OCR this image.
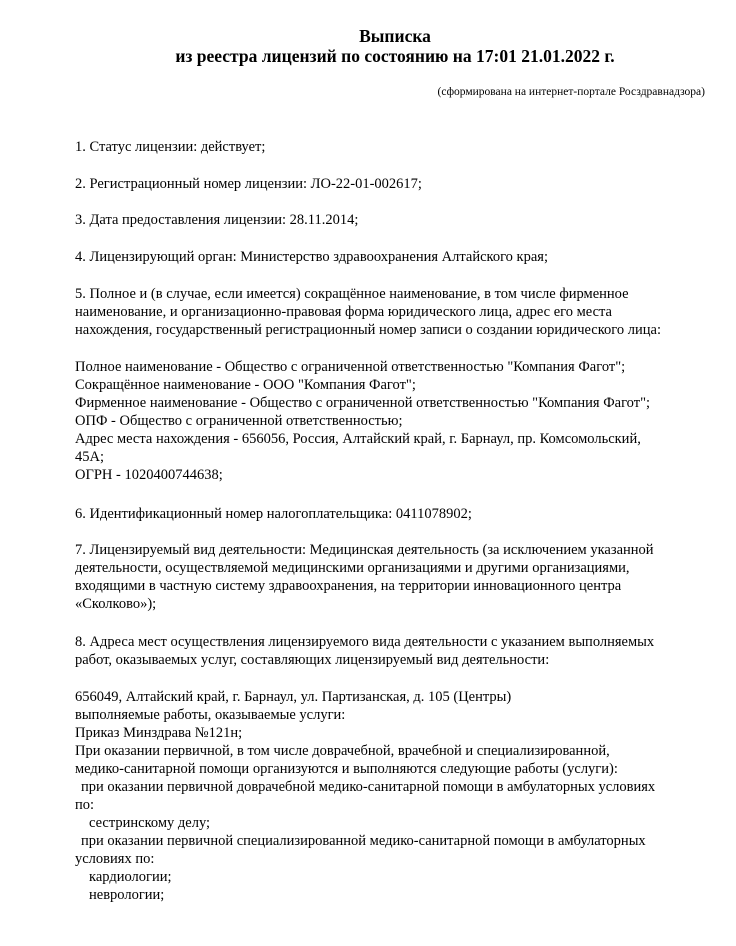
Выписка
из реестра лицензий по состоянию на 17:01 21.01.2022 г.
(сформирована на интернет-портале Росздравнадзора)
1. Статус лицензии: действует;
2. Регистрационный номер лицензии: ЛО-22-01-002617;
3. Дата предоставления лицензии: 28.11.2014;
4. Лицензирующий орган: Министерство здравоохранения Алтайского края;
5. Полное и (в случае, если имеется) сокращённое наименование, в том числе фирменное
наименование, и организационно-правовая форма юридического лица, адрес его места
нахождения, государственный регистрационный номер записи о создании юридического лица:
Полное наименование - Общество с ограниченной ответственностью "Компания Фагот";
Сокращённое наименование - ООО "Компания Фагот";
Фирменное наименование - Общество с ограниченной ответственностью "Компания Фагот";
ОПФ - Общество с ограниченной ответственностью;
Адрес места нахождения - 656056, Россия, Алтайский край, г. Барнаул, пр. Комсомольский,
45А;
ОГРН - 1020400744638;
6. Идентификационный номер налогоплательщика: 0411078902;
7. Лицензируемый вид деятельности: Медицинская деятельность (за исключением указанной
деятельности, осуществляемой медицинскими организациями и другими организациями,
входящими в частную систему здравоохранения, на территории инновационного центра
«Сколково»);
8. Адреса мест осуществления лицензируемого вида деятельности с указанием выполняемых
работ, оказываемых услуг, составляющих лицензируемый вид деятельности:
656049, Алтайский край, г. Барнаул, ул. Партизанская, д. 105 (Центры)
выполняемые работы, оказываемые услуги:
Приказ Минздрава №121н;
При оказании первичной, в том числе доврачебной, врачебной и специализированной,
медико-санитарной помощи организуются и выполняются следующие работы (услуги):
при оказании первичной доврачебной медико-санитарной помощи в амбулаторных условиях
по:
сестринскому делу;
при оказании первичной специализированной медико-санитарной помощи в амбулаторных
условиях по:
кардиологии;
неврологии;
